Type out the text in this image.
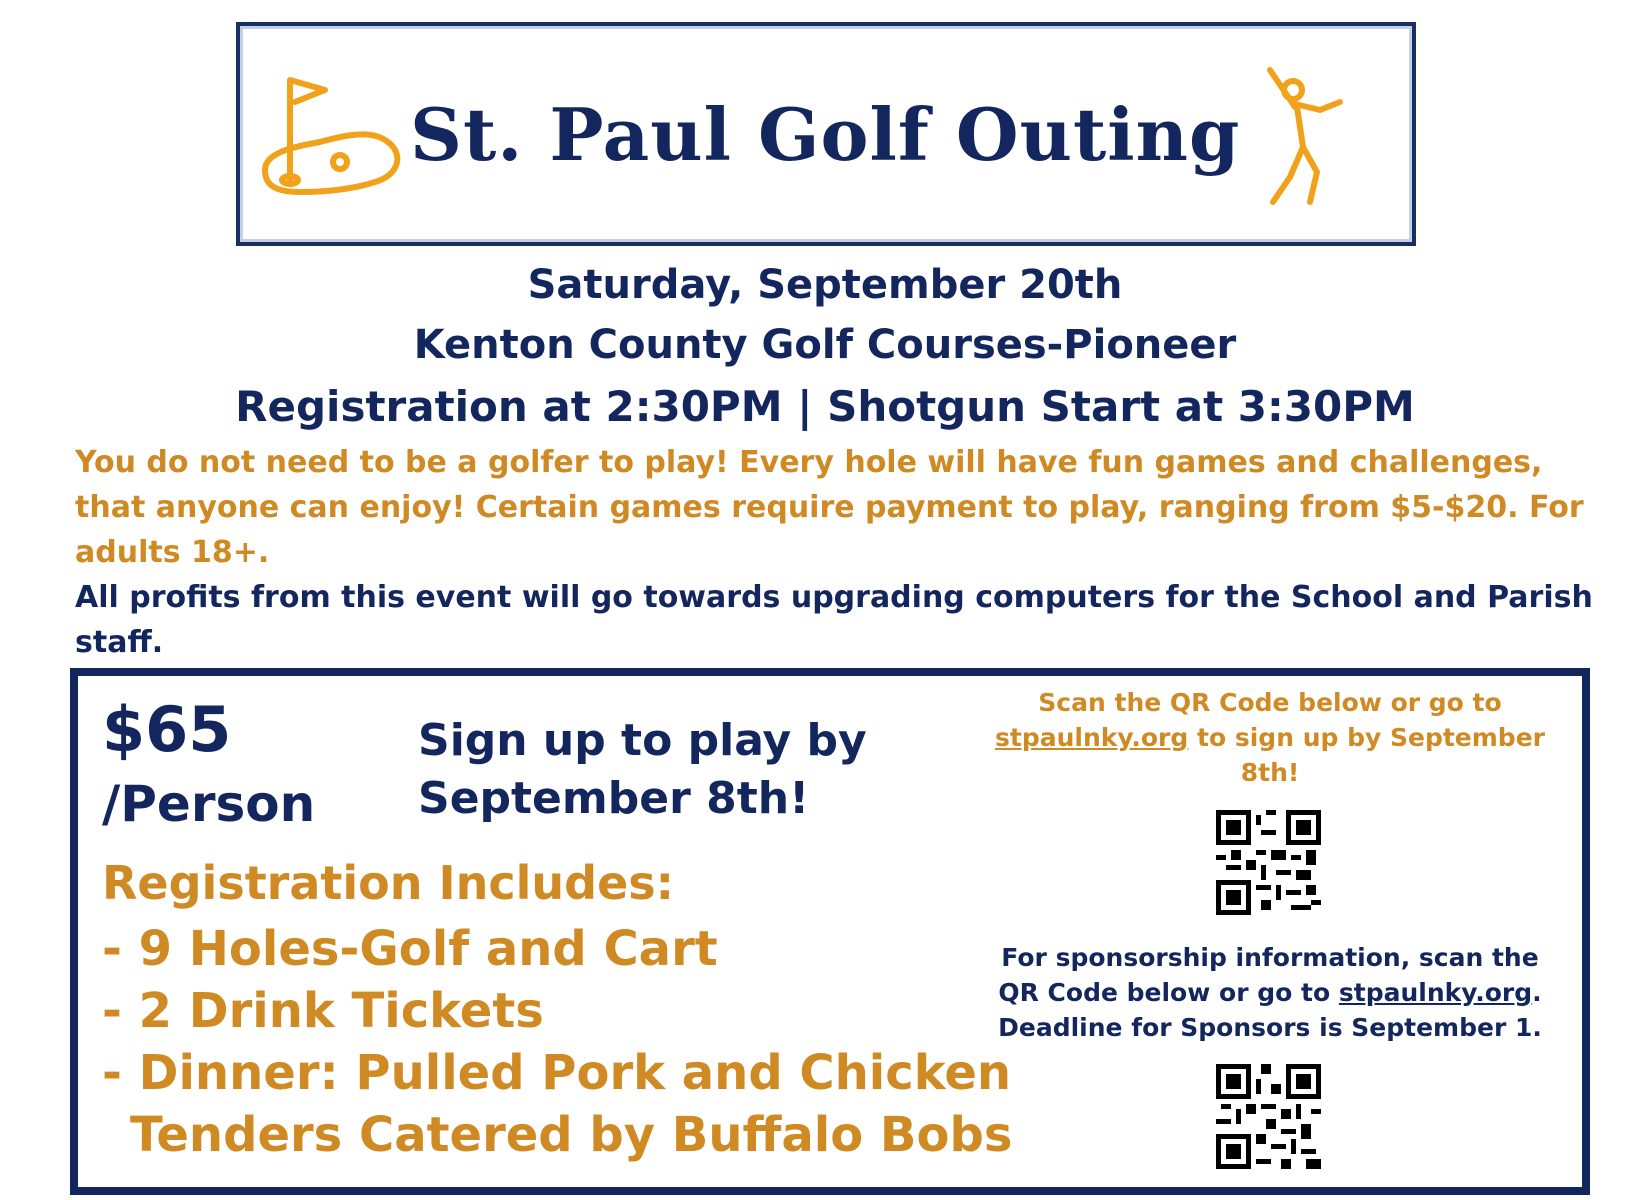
St. Paul Golf Outing
Saturday, September 20th
Kenton County Golf Courses-Pioneer
Registration at 2:30PM | Shotgun Start at 3:30PM
You do not need to be a golfer to play! Every hole will have fun games and challenges, that anyone can enjoy! Certain games require payment to play, ranging from $5-$20. For adults 18+.
All profits from this event will go towards upgrading computers for the School and Parish staff.
$65
/Person
Sign up to play by September 8th!
Registration Includes:
- 9 Holes-Golf and Cart
- 2 Drink Tickets
- Dinner: Pulled Pork and Chicken
Tenders Catered by Buffalo Bobs
Scan the QR Code below or go to
stpaulnky.org to sign up by September 8th!
For sponsorship information, scan the QR Code below or go to stpaulnky.org. Deadline for Sponsors is September 1.
